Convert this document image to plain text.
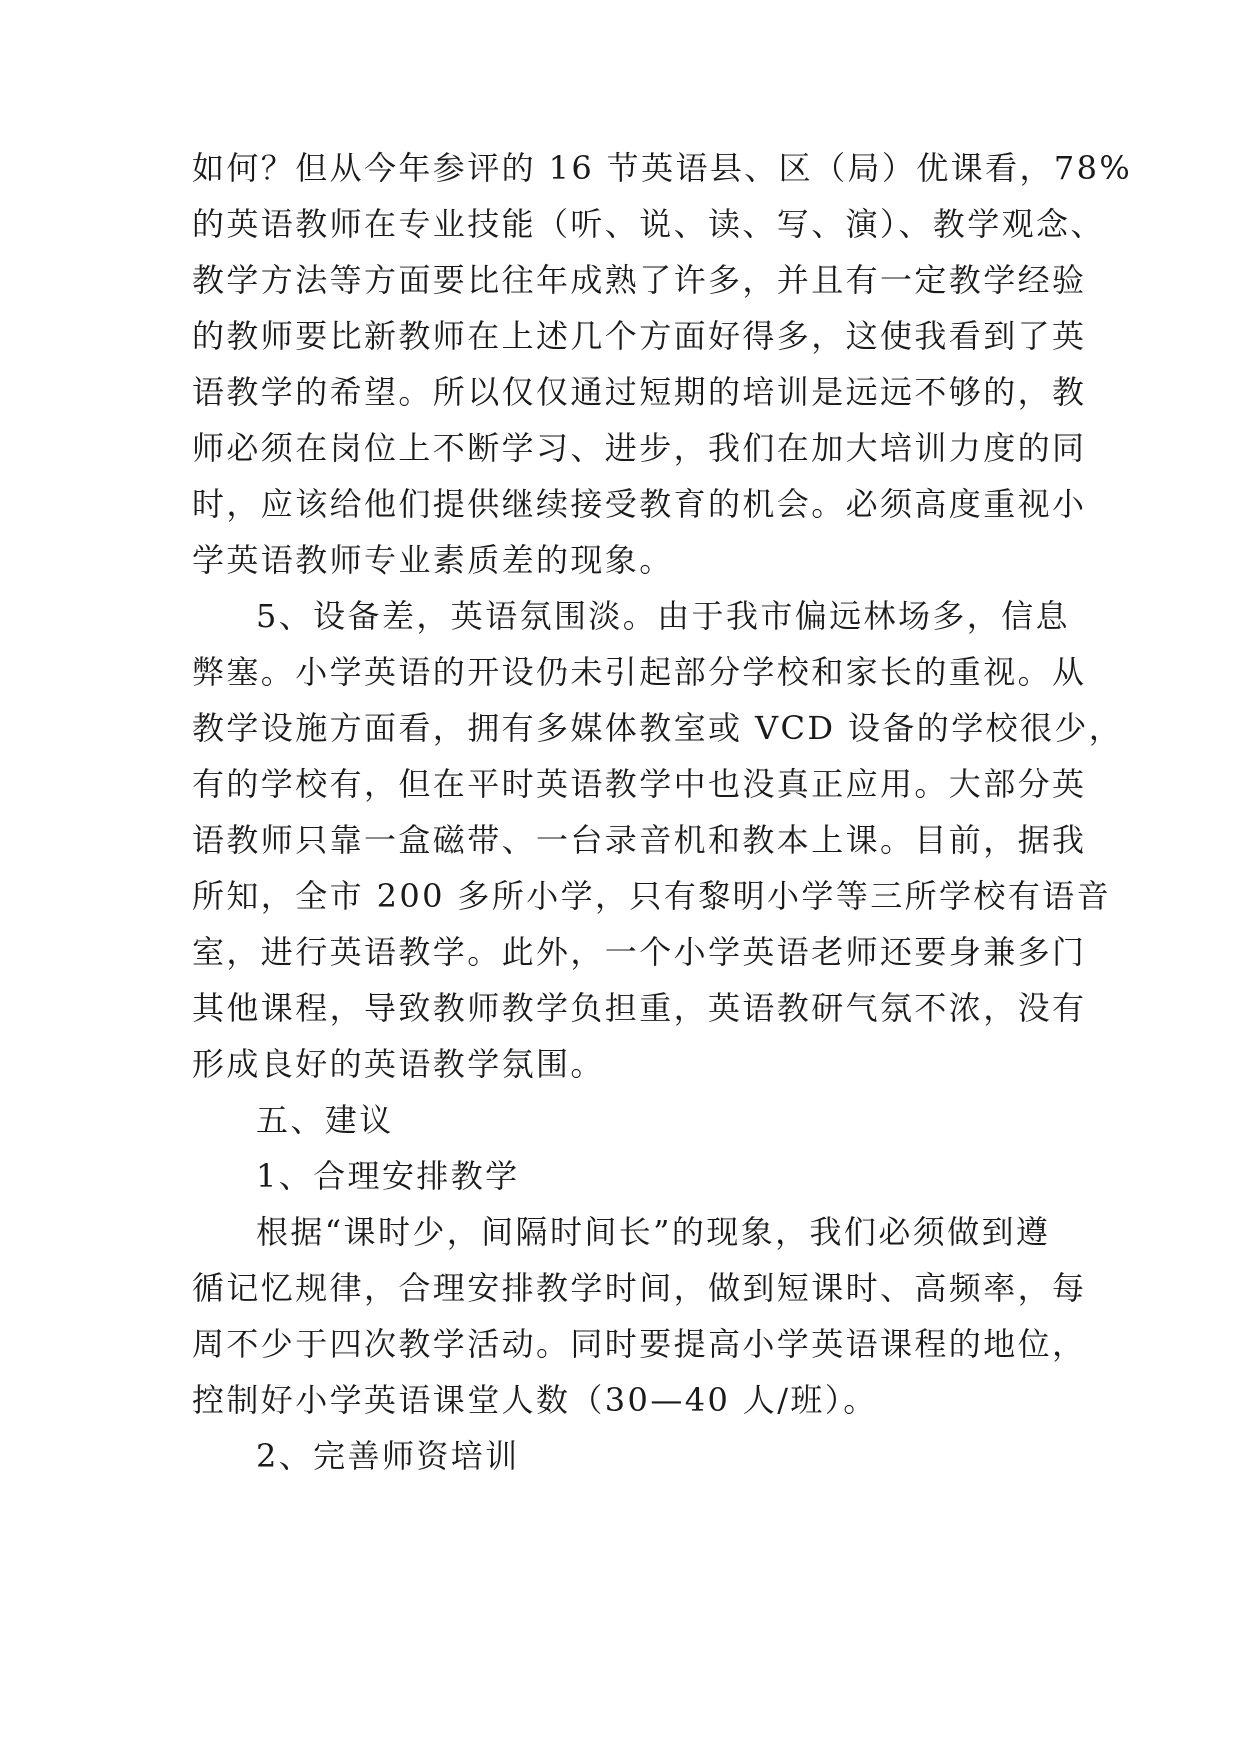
如何？但从今年参评的 16 节英语县、区（局）优课看，78%
的英语教师在专业技能（听、说、读、写、演）、教学观念、
教学方法等方面要比往年成熟了许多，并且有一定教学经验
的教师要比新教师在上述几个方面好得多，这使我看到了英
语教学的希望。所以仅仅通过短期的培训是远远不够的，教
师必须在岗位上不断学习、进步，我们在加大培训力度的同
时，应该给他们提供继续接受教育的机会。必须高度重视小
学英语教师专业素质差的现象。
5、设备差，英语氛围淡。由于我市偏远林场多，信息
弊塞。小学英语的开设仍未引起部分学校和家长的重视。从
教学设施方面看，拥有多媒体教室或 VCD 设备的学校很少，
有的学校有，但在平时英语教学中也没真正应用。大部分英
语教师只靠一盒磁带、一台录音机和教本上课。目前，据我
所知，全市 200 多所小学，只有黎明小学等三所学校有语音
室，进行英语教学。此外，一个小学英语老师还要身兼多门
其他课程，导致教师教学负担重，英语教研气氛不浓，没有
形成良好的英语教学氛围。
五、建议
1、合理安排教学
根据“课时少，间隔时间长”的现象，我们必须做到遵
循记忆规律，合理安排教学时间，做到短课时、高频率，每
周不少于四次教学活动。同时要提高小学英语课程的地位，
控制好小学英语课堂人数（30—40 人/班）。
2、完善师资培训
